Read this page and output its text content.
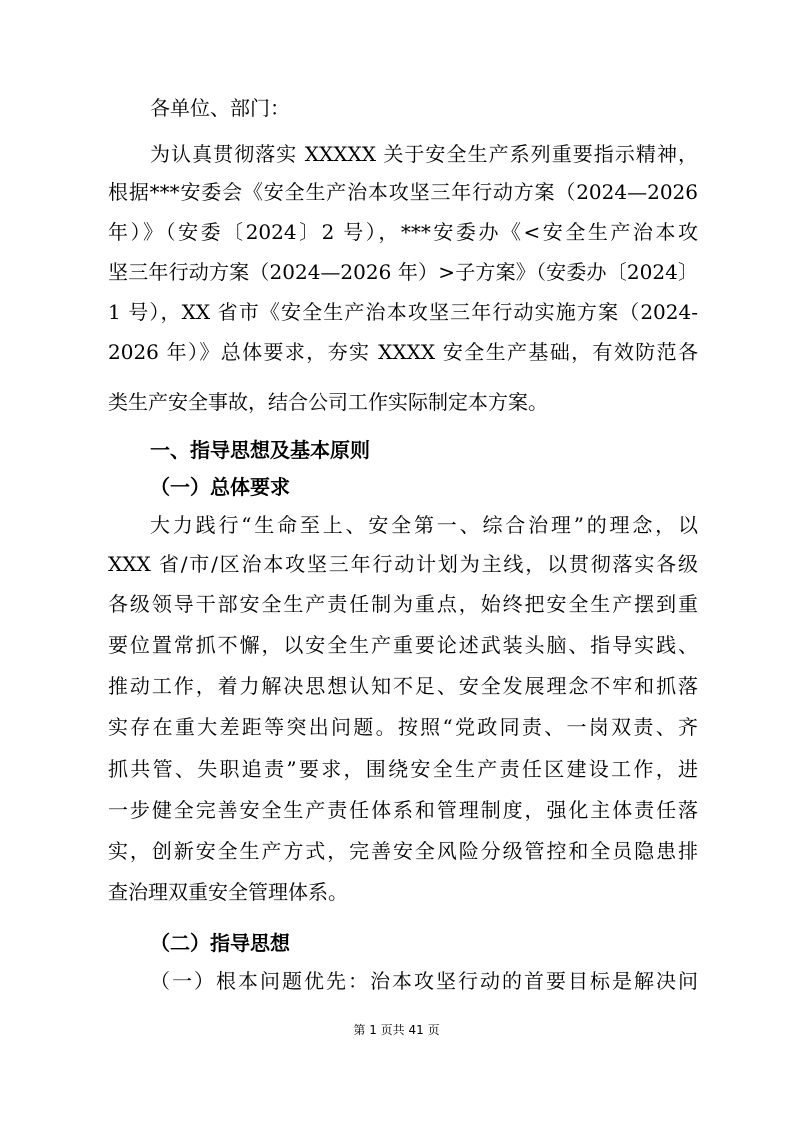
各单位、部门：
为认真贯彻落实 XXXXX 关于安全生产系列重要指示精神，
根据***安委会《安全生产治本攻坚三年行动方案（2024—2026
年）》（安委〔2024〕2 号），***安委办《<安全生产治本攻
坚三年行动方案（2024—2026 年）>子方案》（安委办〔2024〕
1 号），XX 省市《安全生产治本攻坚三年行动实施方案（2024-
2026 年）》总体要求，夯实 XXXX 安全生产基础，有效防范各
类生产安全事故，结合公司工作实际制定本方案。
一、指导思想及基本原则
（一）总体要求
大力践行“生命至上、安全第一、综合治理”的理念，以
XXX 省/市/区治本攻坚三年行动计划为主线，以贯彻落实各级
各级领导干部安全生产责任制为重点，始终把安全生产摆到重
要位置常抓不懈，以安全生产重要论述武装头脑、指导实践、
推动工作，着力解决思想认知不足、安全发展理念不牢和抓落
实存在重大差距等突出问题。按照“党政同责、一岗双责、齐
抓共管、失职追责”要求，围绕安全生产责任区建设工作，进
一步健全完善安全生产责任体系和管理制度，强化主体责任落
实，创新安全生产方式，完善安全风险分级管控和全员隐患排
查治理双重安全管理体系。
（二）指导思想
（一）根本问题优先：治本攻坚行动的首要目标是解决问
第 1 页共 41 页
